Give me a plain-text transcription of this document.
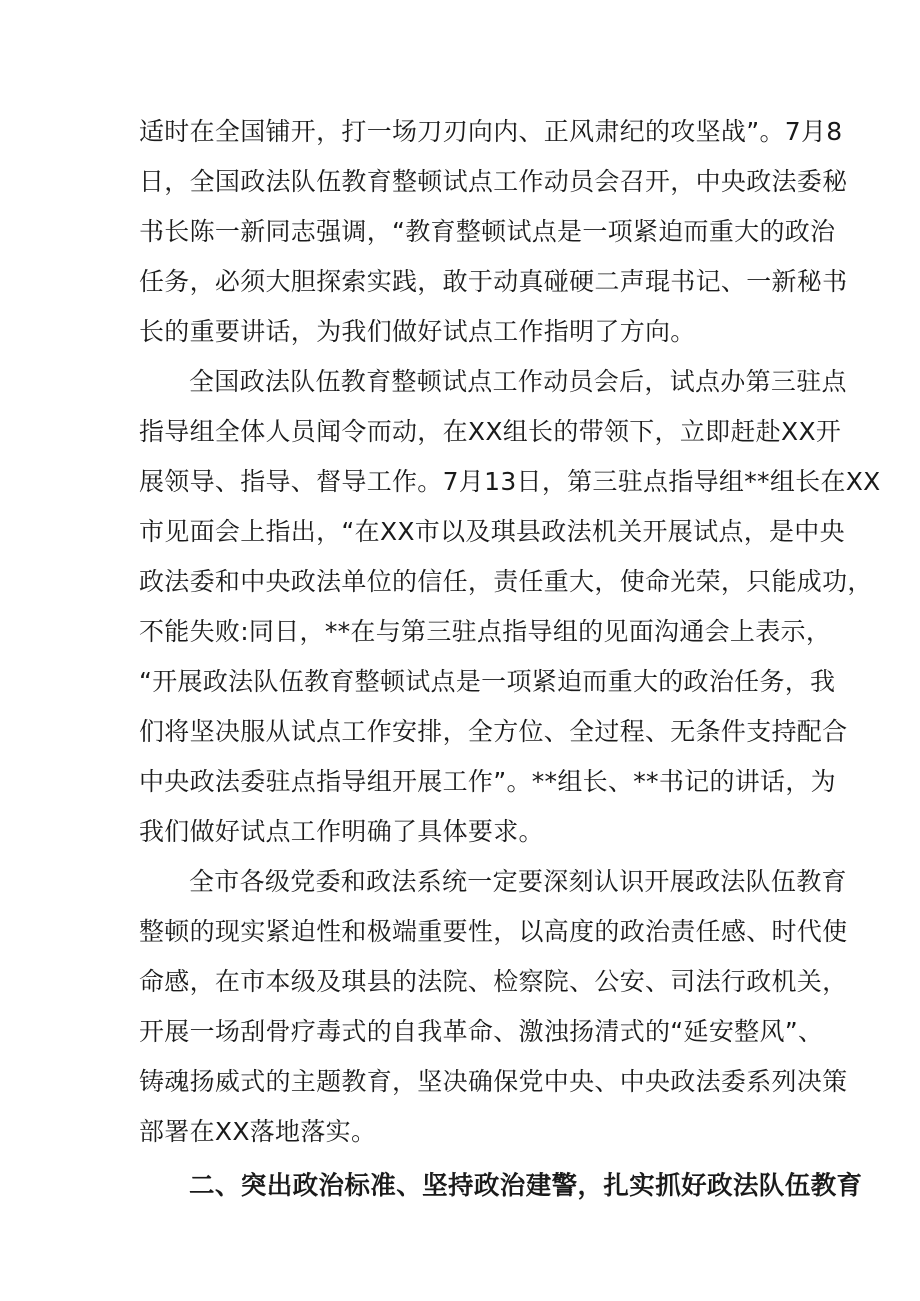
适时在全国铺开，打一场刀刃向内、正风肃纪的攻坚战”。7月8
日，全国政法队伍教育整顿试点工作动员会召开，中央政法委秘
书长陈一新同志强调，“教育整顿试点是一项紧迫而重大的政治
任务，必须大胆探索实践，敢于动真碰硬二声琨书记、一新秘书
长的重要讲话，为我们做好试点工作指明了方向。
全国政法队伍教育整顿试点工作动员会后，试点办第三驻点
指导组全体人员闻令而动，在XX组长的带领下，立即赶赴XX开
展领导、指导、督导工作。7月13日，第三驻点指导组**组长在XX
市见面会上指出，“在XX市以及琪县政法机关开展试点，是中央
政法委和中央政法单位的信任，责任重大，使命光荣，只能成功，
不能失败:同日，**在与第三驻点指导组的见面沟通会上表示，
“开展政法队伍教育整顿试点是一项紧迫而重大的政治任务，我
们将坚决服从试点工作安排，全方位、全过程、无条件支持配合
中央政法委驻点指导组开展工作”。**组长、**书记的讲话，为
我们做好试点工作明确了具体要求。
全市各级党委和政法系统一定要深刻认识开展政法队伍教育
整顿的现实紧迫性和极端重要性，以高度的政治责任感、时代使
命感，在市本级及琪县的法院、检察院、公安、司法行政机关，
开展一场刮骨疗毒式的自我革命、激浊扬清式的“延安整风”、
铸魂扬威式的主题教育，坚决确保党中央、中央政法委系列决策
部署在XX落地落实。
二、突出政治标准、坚持政治建警，扎实抓好政法队伍教育
